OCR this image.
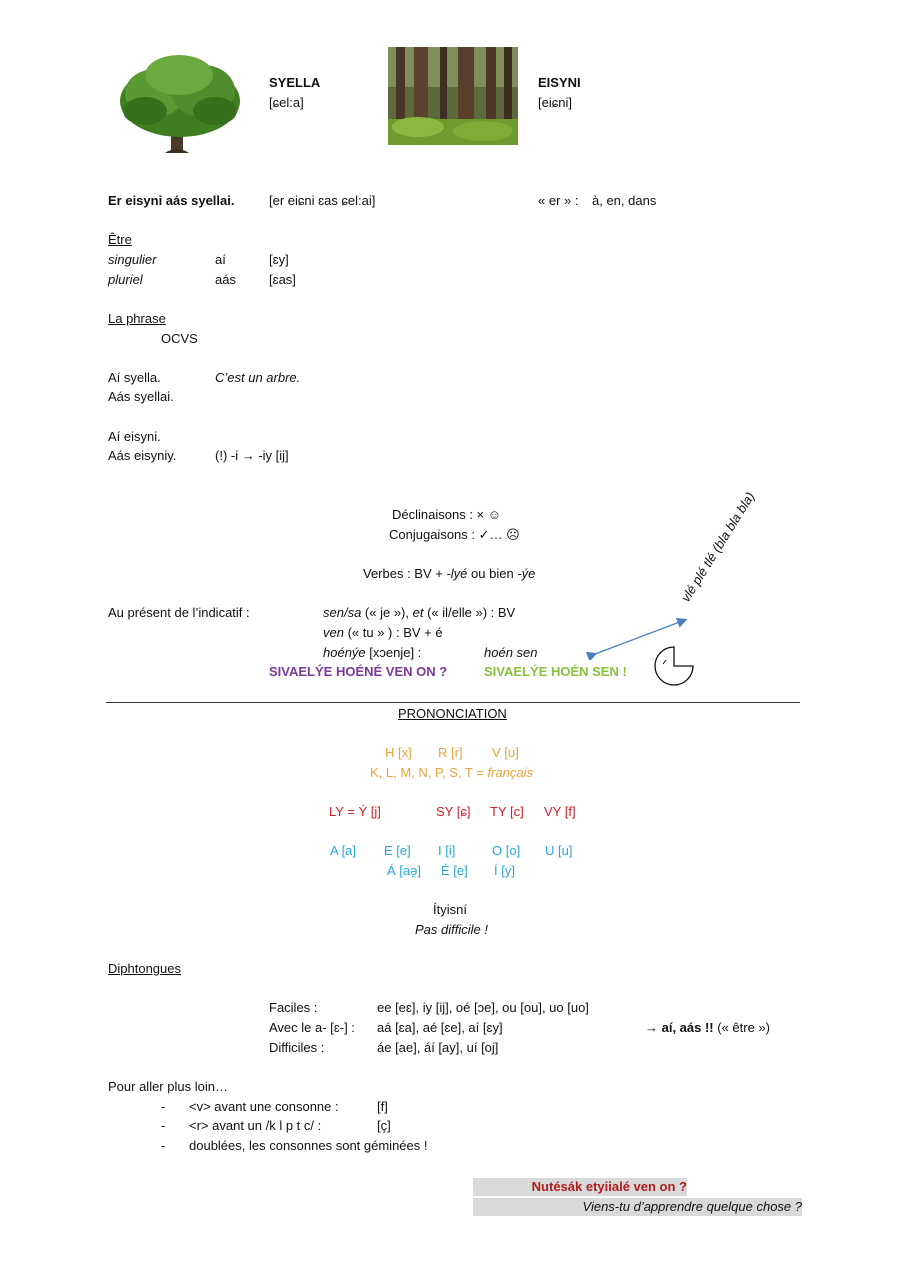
SYELLA
[ɕel:a]
EISYNI
[eiɕni]
Er eisyni aás syellai.	[er eiɕni ɛas ɕel:ai]	« er » : à, en, dans
Être
singulier	aí	[ɛy]
pluriel	aás	[ɛas]
La phrase
OCVS
Aí syella.	C’est un arbre.
Aás syellai.
Aí eisyni.
Aás eisyniy.	(!) -i → -iy [ij]
Déclinaisons : × ☺
Conjugaisons : ✓… ☹
Verbes : BV + -lyé ou bien -ýe
Au présent de l’indicatif :	sen/sa (« je »), et (« il/elle ») : BV
ven (« tu » ) : BV + é
hoénýe [xɔenje] :	hoén sen
SIVAELÝE HOÉNÉ VEN ON ?	SIVAELÝE HOÉN SEN !
vlé plé tlé (bla bla bla)
PRONONCIATION
H [x] R [r] V [ʊ]
K, L, M, N, P, S, T = français
LY = Ý [j]	SY [ɕ] TY [c] VY [f]
A [a] E [e] I [i]	O [o] U [u]
Á [aə̯] É [e] Í [y]
Ítyisní
Pas difficile !
Diphtongues
Faciles :	ee [eɛ], iy [ij], oé [ɔe], ou [ou], uo [uo]
Avec le a- [ɛ-] : aá [ɛa], aé [ɛe], aí [ɛy]	→ aí, aás !! (« être »)
Difficiles :	áe [ae], áí [ay], uí [oj]
Pour aller plus loin…
- <v> avant une consonne :	[f]
- <r> avant un /k l p t c/ :	[ç]
- doublées, les consonnes sont géminées !
Nutésák etyiialé ven on ?
Viens-tu d’apprendre quelque chose ?
